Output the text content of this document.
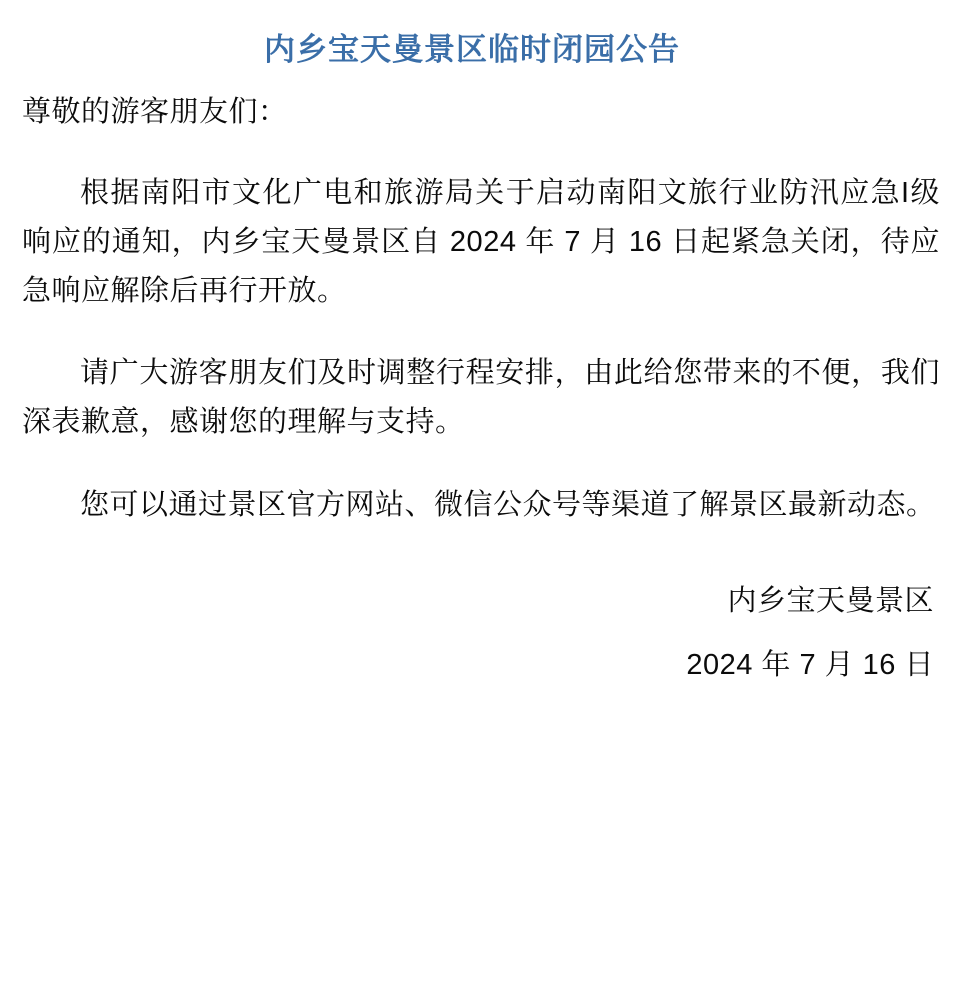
内乡宝天曼景区临时闭园公告
尊敬的游客朋友们：

根据南阳市文化广电和旅游局关于启动南阳文旅行业防汛应急I级响应的通知，内乡宝天曼景区自 2024 年 7 月 16 日起紧急关闭，待应急响应解除后再行开放。

请广大游客朋友们及时调整行程安排，由此给您带来的不便，我们深表歉意，感谢您的理解与支持。

您可以通过景区官方网站、微信公众号等渠道了解景区最新动态。

内乡宝天曼景区
2024 年 7 月 16 日
